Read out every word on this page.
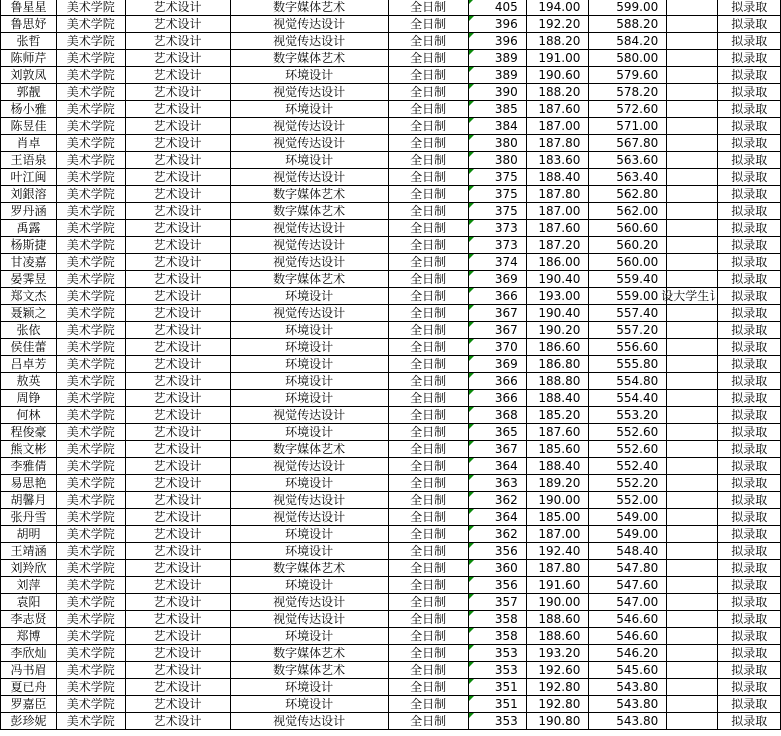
鲁星星	美术学院	艺术设计	数字媒体艺术	全日制	405	194.00	599.00		拟录取
鲁思妤	美术学院	艺术设计	视觉传达设计	全日制	396	192.20	588.20		拟录取
张哲	美术学院	艺术设计	视觉传达设计	全日制	396	188.20	584.20		拟录取
陈师芹	美术学院	艺术设计	数字媒体艺术	全日制	389	191.00	580.00		拟录取
刘敦凤	美术学院	艺术设计	环境设计	全日制	389	190.60	579.60		拟录取
郭靓	美术学院	艺术设计	视觉传达设计	全日制	390	188.20	578.20		拟录取
杨小雅	美术学院	艺术设计	环境设计	全日制	385	187.60	572.60		拟录取
陈昱佳	美术学院	艺术设计	视觉传达设计	全日制	384	187.00	571.00		拟录取
肖卓	美术学院	艺术设计	视觉传达设计	全日制	380	187.80	567.80		拟录取
王语泉	美术学院	艺术设计	环境设计	全日制	380	183.60	563.60		拟录取
叶江闽	美术学院	艺术设计	视觉传达设计	全日制	375	188.40	563.40		拟录取
刘銀溶	美术学院	艺术设计	数字媒体艺术	全日制	375	187.80	562.80		拟录取
罗丹涵	美术学院	艺术设计	数字媒体艺术	全日制	375	187.00	562.00		拟录取
禹露	美术学院	艺术设计	视觉传达设计	全日制	373	187.60	560.60		拟录取
杨斯捷	美术学院	艺术设计	视觉传达设计	全日制	373	187.20	560.20		拟录取
甘凌嘉	美术学院	艺术设计	视觉传达设计	全日制	374	186.00	560.00		拟录取
晏霁昱	美术学院	艺术设计	数字媒体艺术	全日制	369	190.40	559.40		拟录取
郑文杰	美术学院	艺术设计	环境设计	全日制	366	193.00	559.00	设大学生讠	拟录取
聂颖之	美术学院	艺术设计	视觉传达设计	全日制	367	190.40	557.40		拟录取
张依	美术学院	艺术设计	环境设计	全日制	367	190.20	557.20		拟录取
侯佳蕾	美术学院	艺术设计	环境设计	全日制	370	186.60	556.60		拟录取
吕卓芳	美术学院	艺术设计	环境设计	全日制	369	186.80	555.80		拟录取
敖英	美术学院	艺术设计	环境设计	全日制	366	188.80	554.80		拟录取
周铮	美术学院	艺术设计	环境设计	全日制	366	188.40	554.40		拟录取
何林	美术学院	艺术设计	视觉传达设计	全日制	368	185.20	553.20		拟录取
程俊豪	美术学院	艺术设计	环境设计	全日制	365	187.60	552.60		拟录取
熊文彬	美术学院	艺术设计	数字媒体艺术	全日制	367	185.60	552.60		拟录取
李雅倩	美术学院	艺术设计	视觉传达设计	全日制	364	188.40	552.40		拟录取
易思艳	美术学院	艺术设计	环境设计	全日制	363	189.20	552.20		拟录取
胡馨月	美术学院	艺术设计	视觉传达设计	全日制	362	190.00	552.00		拟录取
张丹雪	美术学院	艺术设计	视觉传达设计	全日制	364	185.00	549.00		拟录取
胡明	美术学院	艺术设计	环境设计	全日制	362	187.00	549.00		拟录取
王靖涵	美术学院	艺术设计	环境设计	全日制	356	192.40	548.40		拟录取
刘羚欣	美术学院	艺术设计	数字媒体艺术	全日制	360	187.80	547.80		拟录取
刘萍	美术学院	艺术设计	环境设计	全日制	356	191.60	547.60		拟录取
袁阳	美术学院	艺术设计	视觉传达设计	全日制	357	190.00	547.00		拟录取
李志贤	美术学院	艺术设计	视觉传达设计	全日制	358	188.60	546.60		拟录取
郑博	美术学院	艺术设计	环境设计	全日制	358	188.60	546.60		拟录取
李欣灿	美术学院	艺术设计	数字媒体艺术	全日制	353	193.20	546.20		拟录取
冯书眉	美术学院	艺术设计	数字媒体艺术	全日制	353	192.60	545.60		拟录取
夏已舟	美术学院	艺术设计	环境设计	全日制	351	192.80	543.80		拟录取
罗嘉臣	美术学院	艺术设计	环境设计	全日制	351	192.80	543.80		拟录取
彭珍妮	美术学院	艺术设计	视觉传达设计	全日制	353	190.80	543.80		拟录取
